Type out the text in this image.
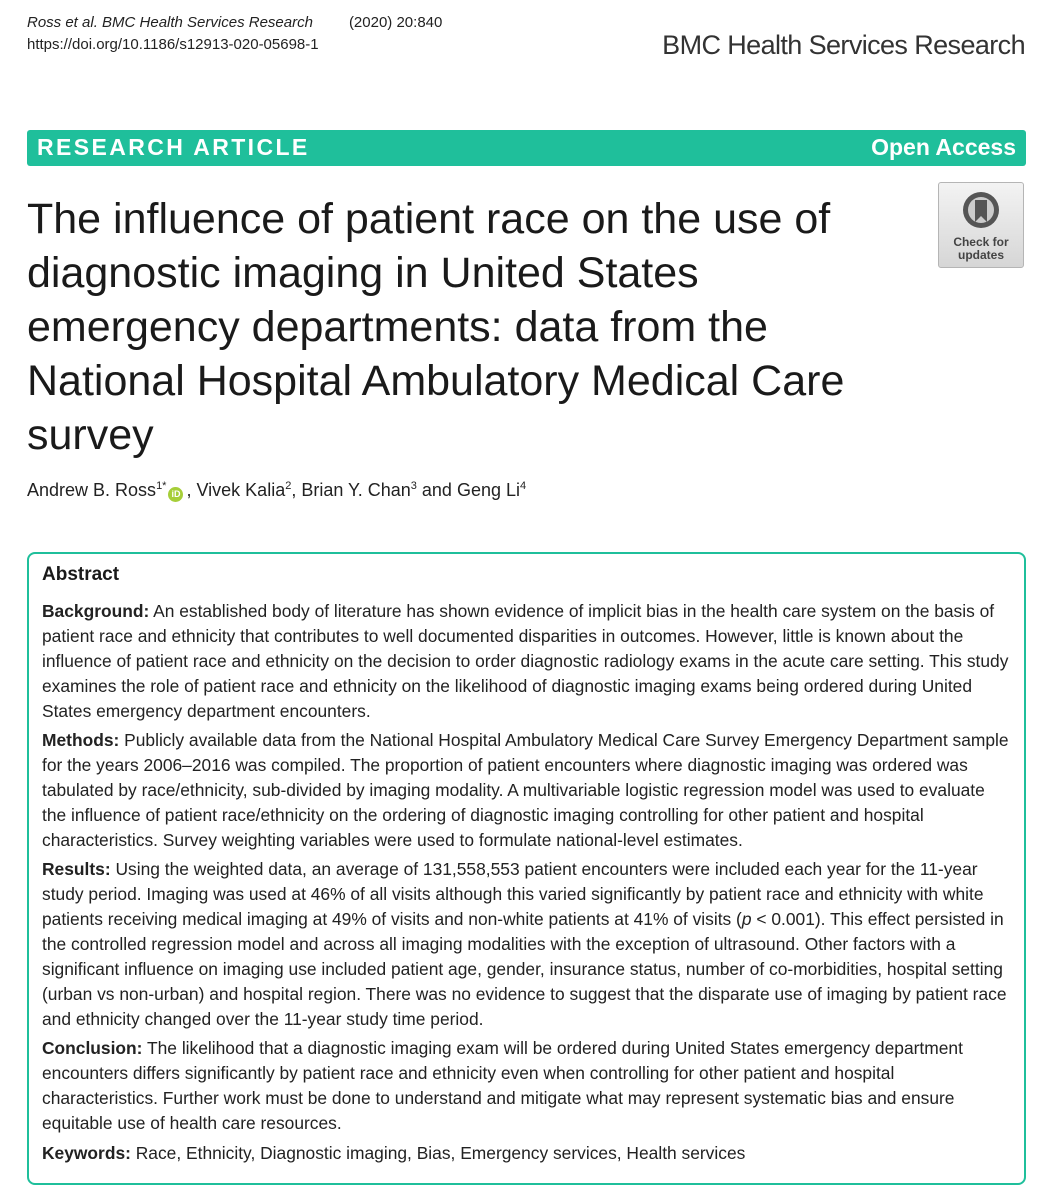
Ross et al. BMC Health Services Research (2020) 20:840
https://doi.org/10.1186/s12913-020-05698-1	BMC Health Services Research
RESEARCH ARTICLE	Open Access
The influence of patient race on the use of diagnostic imaging in United States emergency departments: data from the National Hospital Ambulatory Medical Care survey
Check for
updates
Andrew B. Ross$^{1*}$iD , Vivek Kalia$^2$, Brian Y. Chan$^3$ and Geng Li$^4$
Abstract

Background: An established body of literature has shown evidence of implicit bias in the health care system on the basis of patient race and ethnicity that contributes to well documented disparities in outcomes. However, little is known about the influence of patient race and ethnicity on the decision to order diagnostic radiology exams in the acute care setting. This study examines the role of patient race and ethnicity on the likelihood of diagnostic imaging exams being ordered during United States emergency department encounters.

Methods: Publicly available data from the National Hospital Ambulatory Medical Care Survey Emergency Department sample for the years 2006–2016 was compiled. The proportion of patient encounters where diagnostic imaging was ordered was tabulated by race/ethnicity, sub-divided by imaging modality. A multivariable logistic regression model was used to evaluate the influence of patient race/ethnicity on the ordering of diagnostic imaging controlling for other patient and hospital characteristics. Survey weighting variables were used to formulate national-level estimates.

Results: Using the weighted data, an average of 131,558,553 patient encounters were included each year for the 11-year study period. Imaging was used at 46% of all visits although this varied significantly by patient race and ethnicity with white patients receiving medical imaging at 49% of visits and non-white patients at 41% of visits (p < 0.001). This effect persisted in the controlled regression model and across all imaging modalities with the exception of ultrasound. Other factors with a significant influence on imaging use included patient age, gender, insurance status, number of co-morbidities, hospital setting (urban vs non-urban) and hospital region. There was no evidence to suggest that the disparate use of imaging by patient race and ethnicity changed over the 11-year study time period.

Conclusion: The likelihood that a diagnostic imaging exam will be ordered during United States emergency department encounters differs significantly by patient race and ethnicity even when controlling for other patient and hospital characteristics. Further work must be done to understand and mitigate what may represent systematic bias and ensure equitable use of health care resources.

Keywords: Race, Ethnicity, Diagnostic imaging, Bias, Emergency services, Health services
